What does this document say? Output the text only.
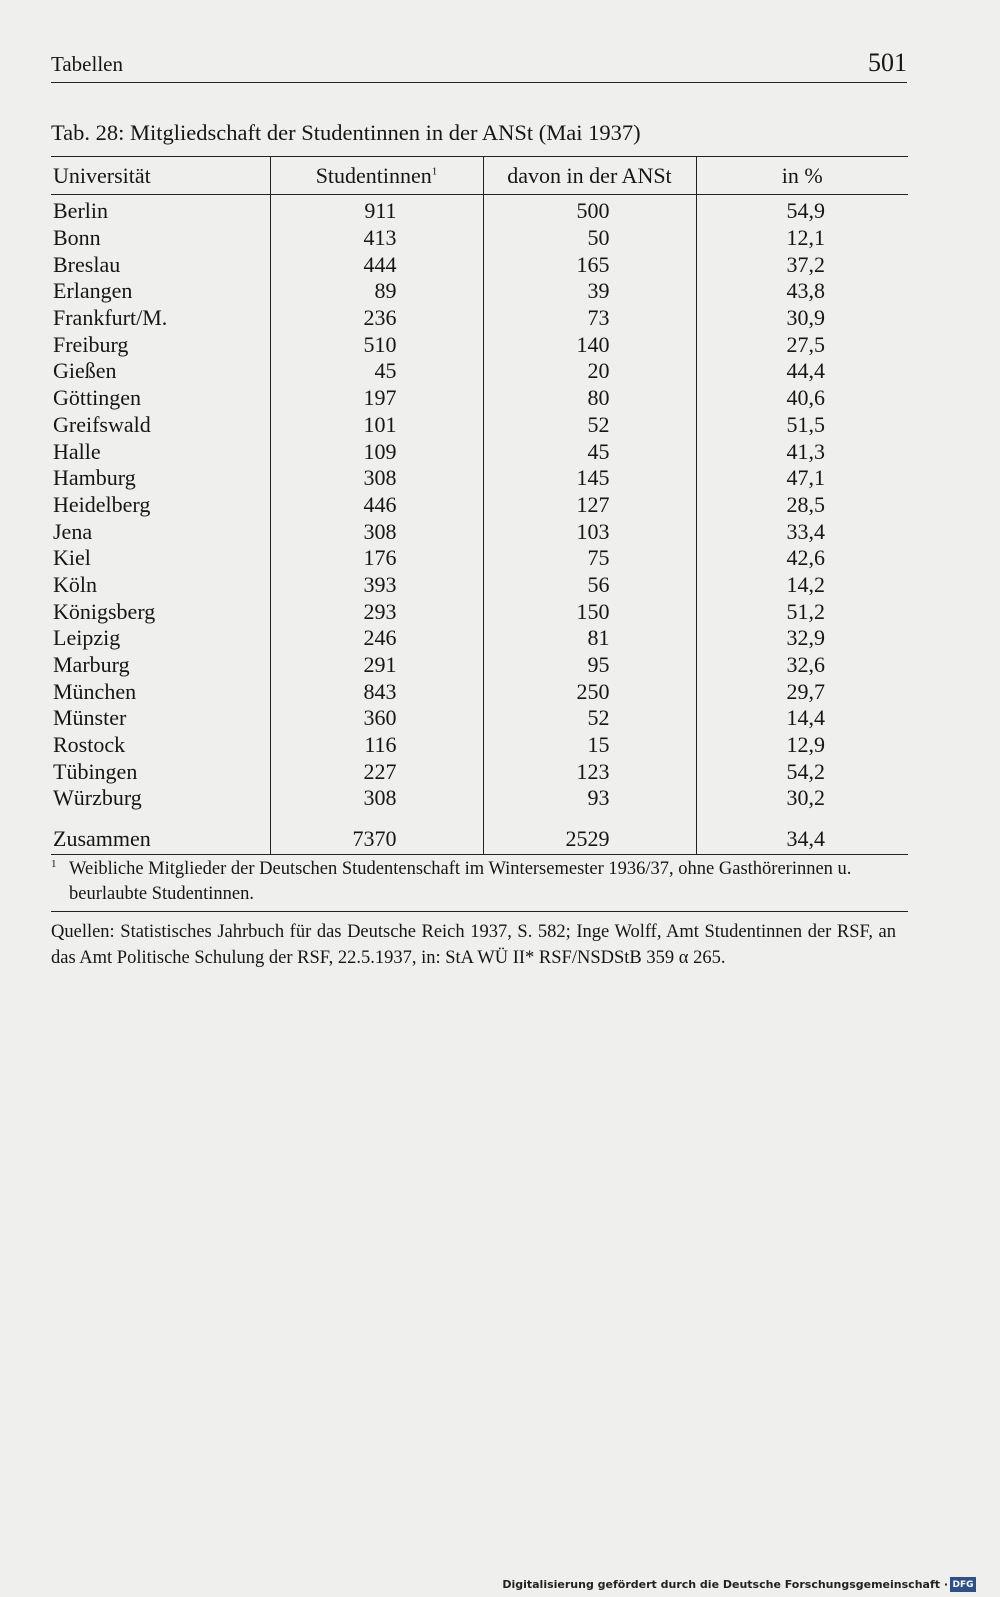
Tabellen	501
Tab. 28: Mitgliedschaft der Studentinnen in der ANSt (Mai 1937)
Universität	Studentinnen$^1$	davon in der ANSt	in %
Berlin	911	500	54,9
Bonn	413	50	12,1
Breslau	444	165	37,2
Erlangen	89	39	43,8
Frankfurt/M.	236	73	30,9
Freiburg	510	140	27,5
Gießen	45	20	44,4
Göttingen	197	80	40,6
Greifswald	101	52	51,5
Halle	109	45	41,3
Hamburg	308	145	47,1
Heidelberg	446	127	28,5
Jena	308	103	33,4
Kiel	176	75	42,6
Köln	393	56	14,2
Königsberg	293	150	51,2
Leipzig	246	81	32,9
Marburg	291	95	32,6
München	843	250	29,7
Münster	360	52	14,4
Rostock	116	15	12,9
Tübingen	227	123	54,2
Würzburg	308	93	30,2
Zusammen	7370	2529	34,4
1 Weibliche Mitglieder der Deutschen Studentenschaft im Wintersemester 1936/37, ohne Gasthörerinnen u. beurlaubte Studentinnen.
Quellen: Statistisches Jahrbuch für das Deutsche Reich 1937, S. 582; Inge Wolff, Amt Studentinnen der RSF, an das Amt Politische Schulung der RSF, 22.5.1937, in: StA WÜ II* RSF/NSDStB 359 α 265.
Digitalisierung gefördert durch die Deutsche Forschungsgemeinschaft · DFG
